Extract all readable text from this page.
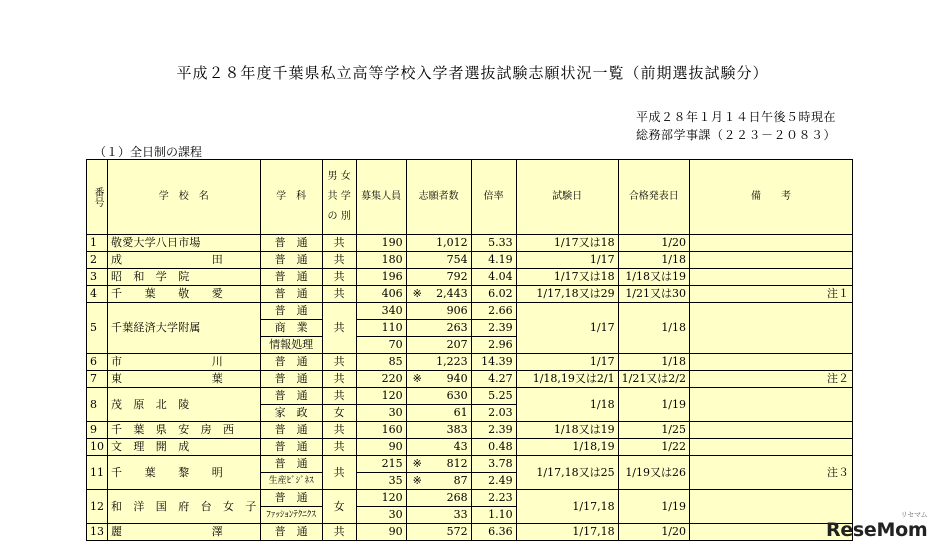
平成２８年度千葉県私立高等学校入学者選抜試験志願状況一覧（前期選抜試験分）
平成２８年１月１４日午後５時現在
総務部学事課（２２３－２０８３）
（１）全日制の課程
番号	学　校　名	学　科	男 女
共 学
の 別	募集人員	志願者数	倍率	試験日	合格発表日	備　　考
1	敬愛大学八日市場	普　通	共	190	1,012	5.33	1/17又は18	1/20	
2	成　　　　　　　　田	普　通	共	180	754	4.19	1/17	1/18	
3	昭　和　学　院	普　通	共	196	792	4.04	1/17又は18	1/18又は19	
4	千　　葉　　敬　　愛	普　通	共	406	※ 2,443	6.02	1/17,18又は29	1/21又は30	注１
5	千葉経済大学附属	普　通	共	340	906	2.66	1/17	1/18	
		商　業		110	263	2.39			
		情報処理		70	207	2.96			
6	市　　　　　　　　川	普　通	共	85	1,223	14.39	1/17	1/18	
7	東　　　　　　　　葉	普　通	共	220	※ 940	4.27	1/18,19又は2/1	1/21又は2/2	注２
8	茂　原　北　陵	普　通	共	120	630	5.25	1/18	1/19	
		家　政	女	30	61	2.03			
9	千　葉　県　安　房　西	普　通	共	160	383	2.39	1/18又は19	1/25	
10	文　理　開　成	普　通	共	90	43	0.48	1/18,19	1/22	
11	千　　葉　　黎　　明	普　通	共	215	※ 812	3.78	1/17,18又は25	1/19又は26	注３
		生産ﾋﾞｼﾞﾈｽ		35	※ 87	2.49			
12	和　洋　国　府　台　女　子	普　通	女	120	268	2.23	1/17,18	1/19	
		ﾌｧｯｼｮﾝﾃｸﾆｸｽ		30	33	1.10			
13	麗　　　　　　　　澤	普　通	共	90	572	6.36	1/17,18	1/20		ReseMom
リセマム
